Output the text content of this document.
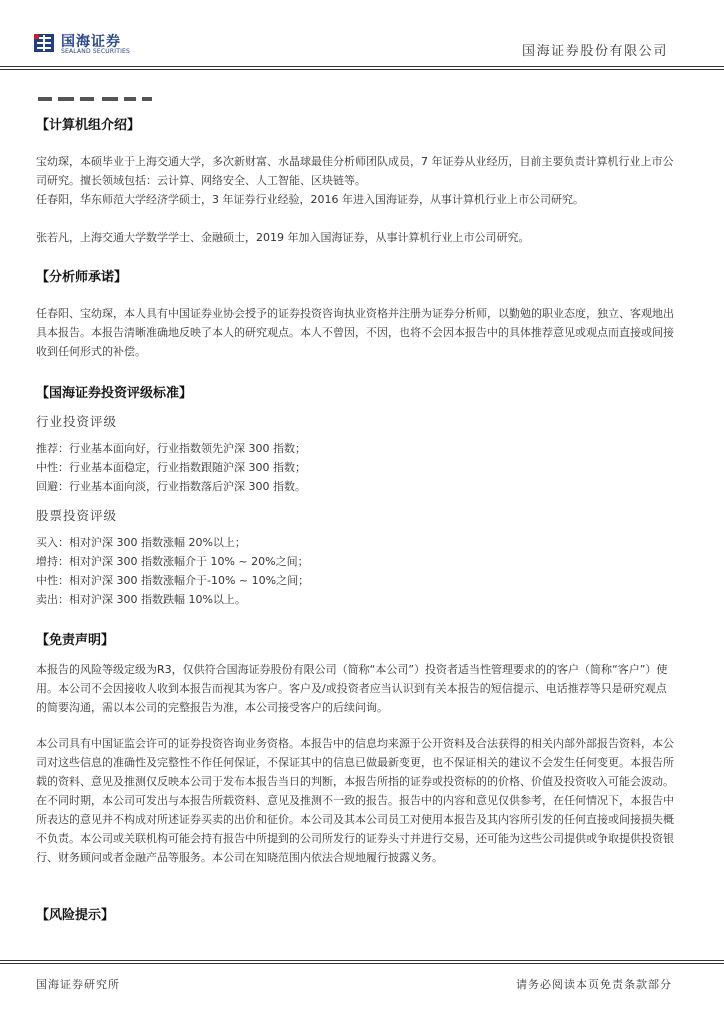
国海证券
SEALAND SECURITIES	国海证券股份有限公司
【计算机组介绍】
宝幼琛，本硕毕业于上海交通大学，多次新财富、水晶球最佳分析师团队成员，7 年证券从业经历，目前主要负责计算机行业上市公司研究。擅长领域包括：云计算、网络安全、人工智能、区块链等。
任春阳，华东师范大学经济学硕士，3 年证券行业经验，2016 年进入国海证券，从事计算机行业上市公司研究。
张若凡，上海交通大学数学学士、金融硕士，2019 年加入国海证券，从事计算机行业上市公司研究。
【分析师承诺】
任春阳、宝幼琛，本人具有中国证券业协会授予的证券投资咨询执业资格并注册为证券分析师，以勤勉的职业态度，独立、客观地出具本报告。本报告清晰准确地反映了本人的研究观点。本人不曾因，不因，也将不会因本报告中的具体推荐意见或观点而直接或间接收到任何形式的补偿。
【国海证券投资评级标准】
行业投资评级
推荐：行业基本面向好，行业指数领先沪深 300 指数；
中性：行业基本面稳定，行业指数跟随沪深 300 指数；
回避：行业基本面向淡，行业指数落后沪深 300 指数。
股票投资评级
买入：相对沪深 300 指数涨幅 20%以上；
增持：相对沪深 300 指数涨幅介于 10% ~ 20%之间；
中性：相对沪深 300 指数涨幅介于-10% ~ 10%之间；
卖出：相对沪深 300 指数跌幅 10%以上。
【免责声明】
本报告的风险等级定级为R3，仅供符合国海证券股份有限公司（简称“本公司”）投资者适当性管理要求的的客户（简称“客户”）使用。本公司不会因接收人收到本报告而视其为客户。客户及/或投资者应当认识到有关本报告的短信提示、电话推荐等只是研究观点的简要沟通，需以本公司的完整报告为准，本公司接受客户的后续问询。
本公司具有中国证监会许可的证券投资咨询业务资格。本报告中的信息均来源于公开资料及合法获得的相关内部外部报告资料，本公司对这些信息的准确性及完整性不作任何保证，不保证其中的信息已做最新变更，也不保证相关的建议不会发生任何变更。本报告所载的资料、意见及推测仅反映本公司于发布本报告当日的判断，本报告所指的证券或投资标的的价格、价值及投资收入可能会波动。在不同时期，本公司可发出与本报告所载资料、意见及推测不一致的报告。报告中的内容和意见仅供参考，在任何情况下，本报告中所表达的意见并不构成对所述证券买卖的出价和征价。本公司及其本公司员工对使用本报告及其内容所引发的任何直接或间接损失概不负责。本公司或关联机构可能会持有报告中所提到的公司所发行的证券头寸并进行交易，还可能为这些公司提供或争取提供投资银行、财务顾问或者金融产品等服务。本公司在知晓范围内依法合规地履行披露义务。
【风险提示】
国海证券研究所	请务必阅读本页免责条款部分
